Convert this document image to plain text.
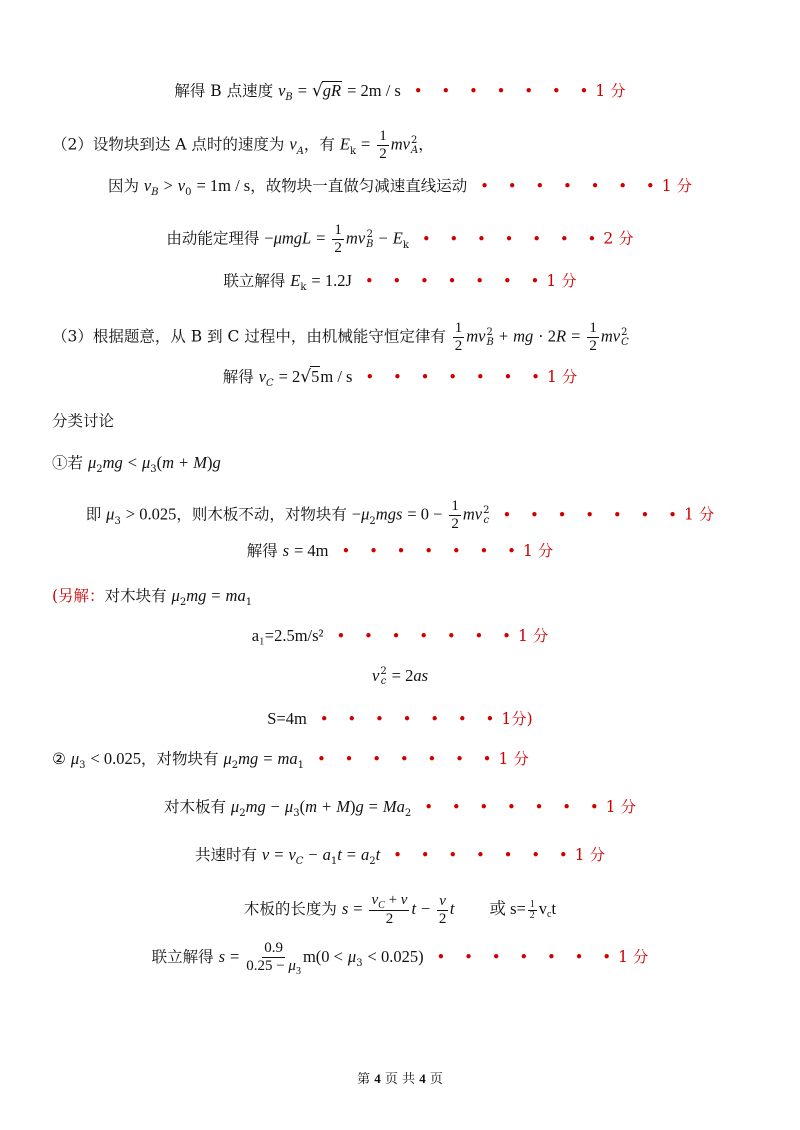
解得 B 点速度 $v_B = √gR = 2m / s$ • • • • • • •1 分
（2）设物块到达 A 点时的速度为 $v_A$，有 $E_k = \frac{1}{2}$ mv 2
A ，
因为 $v_B > v_0 = 1m / s$，故物块一直做匀减速直线运动 • • • • • • •1 分
由动能定理得 $-\mu mgL = \frac{1}{2}$ mv 2
$B - E_k$ • • • • • • •2 分
联立解得 $E_k = 1.2J$ • • • • • • •1 分
（3）根据题意，从 B 到 C 过程中，由机械能守恒定律有 $\frac{1}{2}$ mv 2
B + mg · $2R = \frac{1}{2}$ mv 2
C
解得 $v_C = 2√5m / s$ • • • • • • •1 分
分类讨论
①若 $\mu_2mg < \mu_3(m + M)g$
即 $\mu_3 > 0.025$，则木板不动，对物块有 $-\mu_2mgs = 0 - \frac{1}{2}$ mv 2
c • • • • • • •1 分
解得 s = 4m • • • • • • •1 分
(另解：对木块有 $\mu_2mg = ma_1$
a₁=2.5m/s² • • • • • • •1 分
v 2
c = 2as
S=4m • • • • • • •1分)
② $\mu_3 < 0.025$，对物块有 $\mu_2mg = ma_1$ • • • • • • •1 分
对木板有 $\mu_2mg - \mu_3(m + M)g = Ma_2$ • • • • • • •1 分
共速时有 $v = v_C - a_1t = a_2t$ • • • • • • •1 分
木板的长度为 $s = \frac{v_C + v}{2}$ $t - \frac{v}{2}$ t 或 $s= \frac{1}{2}$ vct
联立解得 $s = \frac{0.9}{0.25 - \mu_3} m(0 < \mu_3 < 0.025)$ • • • • • • •1 分
第 4 页 共 4 页
